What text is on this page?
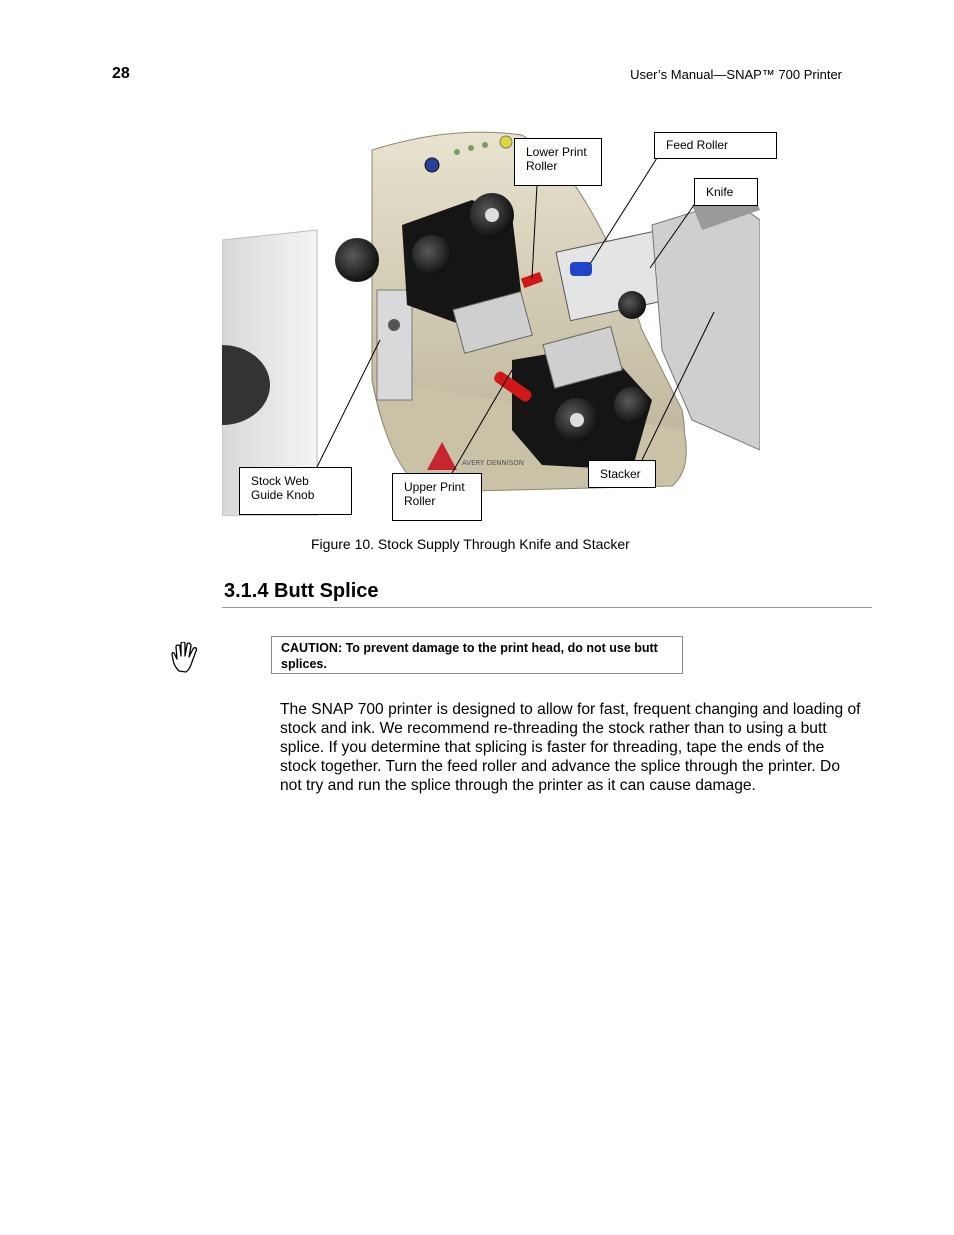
28	User’s Manual—SNAP™ 700 Printer
AVERY DENNISON
Lower Print Roller
Feed Roller
Knife
Stock Web Guide Knob
Upper Print Roller
Stacker
Figure 10. Stock Supply Through Knife and Stacker
3.1.4 Butt Splice
CAUTION: To prevent damage to the print head, do not use butt splices.

The SNAP 700 printer is designed to allow for fast, frequent changing and loading of stock and ink. We recommend re-threading the stock rather than to using a butt splice. If you determine that splicing is faster for threading, tape the ends of the stock together. Turn the feed roller and advance the splice through the printer. Do not try and run the splice through the printer as it can cause damage.
